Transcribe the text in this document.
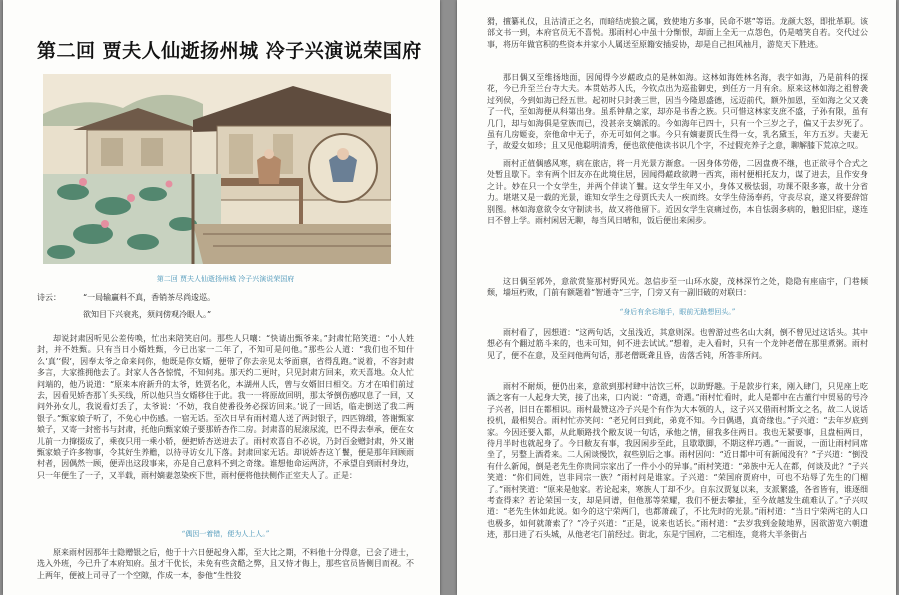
第二回 贾夫人仙逝扬州城 冷子兴演说荣国府
第二回 贾夫人仙逝扬州城 冷子兴演说荣国府

诗云：	“一局输赢料不真，香销茶尽尚逡巡。

欲知目下兴衰兆，须问傍观冷眼人。”

却说封肃因听见公差传唤，忙出来陪笑启问。那些人只嚷：“快请出甄爷来。”封肃忙陪笑道：“小人姓封，并不姓甄。只有当日小婿姓甄，今已出家一二年了，不知可是问他。”那些公人道：“我们也不知什么‘真’‘假’，因奉太爷之命来问你，他既是你女婿，便带了你去亲见太爷面禀，省得乱跑。”说着，不容封肃多言，大家推拥他去了。封家人各各惊慌，不知何兆。那天约二更时，只见封肃方回来，欢天喜地。众人忙问端的，他乃说道：“原来本府新升的太爷，姓贾名化，本湖州人氏，曾与女婿旧日相交。方才在咱们前过去，因看见娇杏那丫头买线，所以他只当女婿移住于此。我一一将原故回明，那太爷倒伤感叹息了一回，又问外孙女儿，我说看灯丢了，太爷说：‘不妨，我自使番役务必探访回来。’说了一回话，临走倒送了我二两银子。”甄家娘子听了，不免心中伤感。一宿无话。至次日早有雨村遣人送了两封银子，四匹锦缎，答谢甄家娘子，又寄一封密书与封肃，托他向甄家娘子要那娇杏作二房。封肃喜的屁滚尿流，巴不得去奉承，便在女儿前一力撺掇成了，乘夜只用一乘小轿，便把娇杏送进去了。雨村欢喜自不必说，乃封百金赠封肃，外又谢甄家娘子许多物事，令其好生养赡，以待寻访女儿下落。封肃回家无话。却说娇杏这丫鬟，便是那年回顾雨村者，因偶然一顾，便弄出这段事来，亦是自己意料不到之奇缘。谁想他命运两济，不承望自到雨村身边，只一年便生了一子，又半载，雨村嫡妻忽染疾下世，雨村便将他扶侧作正室夫人了。正是：

“偶因一着错，便为人上人。”

原来雨村因那年士隐赠银之后，他于十六日便起身入都，至大比之期，不料他十分得意，已会了进士，选入外班，今已升了本府知府。虽才干优长，未免有些贪酷之弊，且又恃才侮上，那些官员皆侧目而视。不上两年，便被上司寻了一个空隙，作成一本，参他“生性狡

猾，擅纂礼仪，且沽清正之名，而暗结虎狼之属，致使地方多事，民命不堪”等语。龙颜大怒，即批革职。该部文书一到，本府官员无不喜悦。那雨村心中虽十分惭恨，却面上全无一点怨色，仍是嘻笑自若。交代过公事，将历年做官积的些资本并家小人属送至原籍安插妥协，却是自己担风袖月，游览天下胜迹。

那日偶又至维扬地面，因闻得今岁鹾政点的是林如海。这林如海姓林名海，表字如海，乃是前科的探花，今已升至兰台寺大夫。本贯姑苏人氏，今钦点出为巡盐御史，到任方一月有余。原来这林如海之祖曾袭过列侯，今到如海已经五世。起初时只封袭三世，因当今隆恩盛德，远迈前代，额外加恩，至如海之父又袭了一代，至如海便从科第出身。虽系钟鼎之家，却亦是书香之族。只可惜这林家支庶不盛，子孙有限，虽有几门，却与如海俱是堂族而已，没甚亲支嫡派的。今如海年已四十，只有一个三岁之子，偏又于去岁死了。虽有几房姬妾，奈他命中无子，亦无可如何之事。今只有嫡妻贾氏生得一女，乳名黛玉，年方五岁。夫妻无子，故爱女如珍；且又见他聪明清秀，便也欲使他读书识几个字，不过假充养子之意，聊解膝下荒凉之叹。

雨村正值偶感风寒，病在旅店，将一月光景方渐愈。一因身体劳倦，二因盘费不继，也正欲寻个合式之处暂且歇下。幸有两个旧友亦在此境住居，因闻得鹾政欲聘一西宾，雨村便相托友力，谋了进去，且作安身之计。妙在只一个女学生，并两个伴读丫鬟。这女学生年又小，身体又极怯弱，功课不限多寡，故十分省力。堪堪又是一载的光景，谁知女学生之母贾氏夫人一疾而终。女学生侍汤奉药，守丧尽哀，遂又将要辞馆别图。林如海意欲令女守制读书，故又将他留下。近因女学生哀痛过伤，本自怯弱多病的，触犯旧症，遂连日不曾上学。雨村闲居无聊，每当风日晴和，饭后便出来闲步。

这日偶至郭外，意欲赏鉴那村野风光。忽信步至一山环水旋，茂林深竹之处，隐隐有座庙宇，门巷倾颓，墙垣朽败，门前有额题着“智通寺”三字，门旁又有一副旧破的对联曰：

“身后有余忘缩手，眼前无路想回头。”

雨村看了，因想道：“这两句话，文虽浅近，其意则深。也曾游过些名山大刹，倒不曾见过这话头。其中想必有个翻过筋斗来的，也未可知，何不进去试试。”想着，走入看时，只有一个龙钟老僧在那里煮粥。雨村见了，便不在意，及至问他两句话，那老僧既聋且昏，齿落舌钝，所答非所问。

雨村不耐烦，便仍出来，意欲到那村肆中沽饮三杯，以助野趣。于是款步行来，刚入肆门，只见座上吃酒之客有一人起身大笑，接了出来，口内说：“奇遇，奇遇。”雨村忙看时，此人是都中在古董行中贸易的号冷子兴者，旧日在都相识。雨村最赞这冷子兴是个有作为大本领的人，这子兴又借雨村斯文之名，故二人说话投机，最相契合。雨村忙亦笑问：“老兄何日到此，弟竟不知。今日偶遇，真奇缘也。”子兴道：“去年岁底到家。今因还要入都，从此顺路找个敝友说一句话，承他之情，留我多住两日。我也无紧要事，且盘桓两日，待月半时也就起身了。今日敝友有事，我因闲步至此，且歇歇脚，不期这样巧遇。”一面说，一面让雨村同席坐了，另整上酒肴来。二人闲谈慢饮，叙些别后之事。雨村因问：“近日都中可有新闻没有？”子兴道：“倒没有什么新闻，倒是老先生你贵同宗家出了一件小小的异事。”雨村笑道：“弟族中无人在都，何谈及此？”子兴笑道：“你们同姓，岂非同宗一族？”雨村问是谁家。子兴道：“荣国府贾府中，可也不玷辱了先生的门楣了。”雨村笑道：“原来是他家。若论起来，寒族人丁却不少。自东汉贾复以来，支派繁盛，各省皆有，谁逐细考查得来？若论荣国一支，却是同谱，但他那等荣耀，我们不便去攀扯，至今故越发生疏难认了。”子兴叹道：“老先生休如此说。如今的这宁荣两门，也都萧疏了，不比先时的光景。”雨村道：“当日宁荣两宅的人口也极多，如何就萧索了？”冷子兴道：“正是，说来也话长。”雨村道：“去岁我到金陵地界，因欲游览六朝遗迹，那日进了石头城，从他老宅门前经过。街北，东是宁国府，二宅相连，竟将大半条街占
